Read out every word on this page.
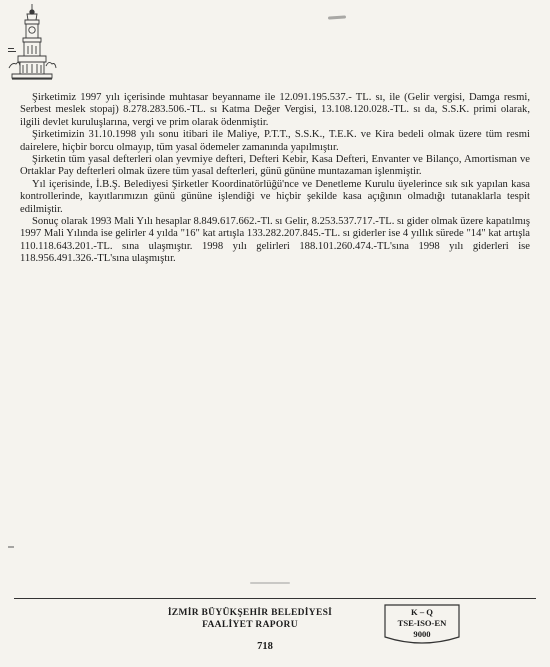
Şirketimiz 1997 yılı içerisinde muhtasar beyanname ile 12.091.195.537.- TL. sı, ile (Gelir vergisi, Damga resmi, Serbest meslek stopaj) 8.278.283.506.-TL. sı Katma Değer Vergisi, 13.108.120.028.-TL. sı da, S.S.K. primi olarak, ilgili devlet kuruluşlarına, vergi ve prim olarak ödenmiştir.

Şirketimizin 31.10.1998 yılı sonu itibari ile Maliye, P.T.T., S.S.K., T.E.K. ve Kira bedeli olmak üzere tüm resmi dairelere, hiçbir borcu olmayıp, tüm yasal ödemeler zamanında yapılmıştır.

Şirketin tüm yasal defterleri olan yevmiye defteri, Defteri Kebir, Kasa Defteri, Envanter ve Bilanço, Amortisman ve Ortaklar Pay defterleri olmak üzere tüm yasal defterleri, günü gününe muntazaman işlenmiştir.

Yıl içerisinde, İ.B.Ş. Belediyesi Şirketler Koordinatörlüğü'nce ve Denetleme Kurulu üyelerince sık sık yapılan kasa kontrollerinde, kayıtlarımızın günü gününe işlendiği ve hiçbir şekilde kasa açığının olmadığı tutanaklarla tespit edilmiştir.

Sonuç olarak 1993 Mali Yılı hesaplar 8.849.617.662.-Tl. sı Gelir, 8.253.537.717.-TL. sı gider olmak üzere kapatılmış 1997 Mali Yılında ise gelirler 4 yılda "16" kat artışla 133.282.207.845.-TL. sı giderler ise 4 yıllık sürede "14" kat artışla 110.118.643.201.-TL. sına ulaşmıştır. 1998 yılı gelirleri 188.101.260.474.-TL'sına 1998 yılı giderleri ise 118.956.491.326.-TL'sına ulaşmıştır.

İZMİR BÜYÜKŞEHİR BELEDİYESİ
FAALİYET RAPORU
K – Q
TSE-ISO-EN
9000
718
